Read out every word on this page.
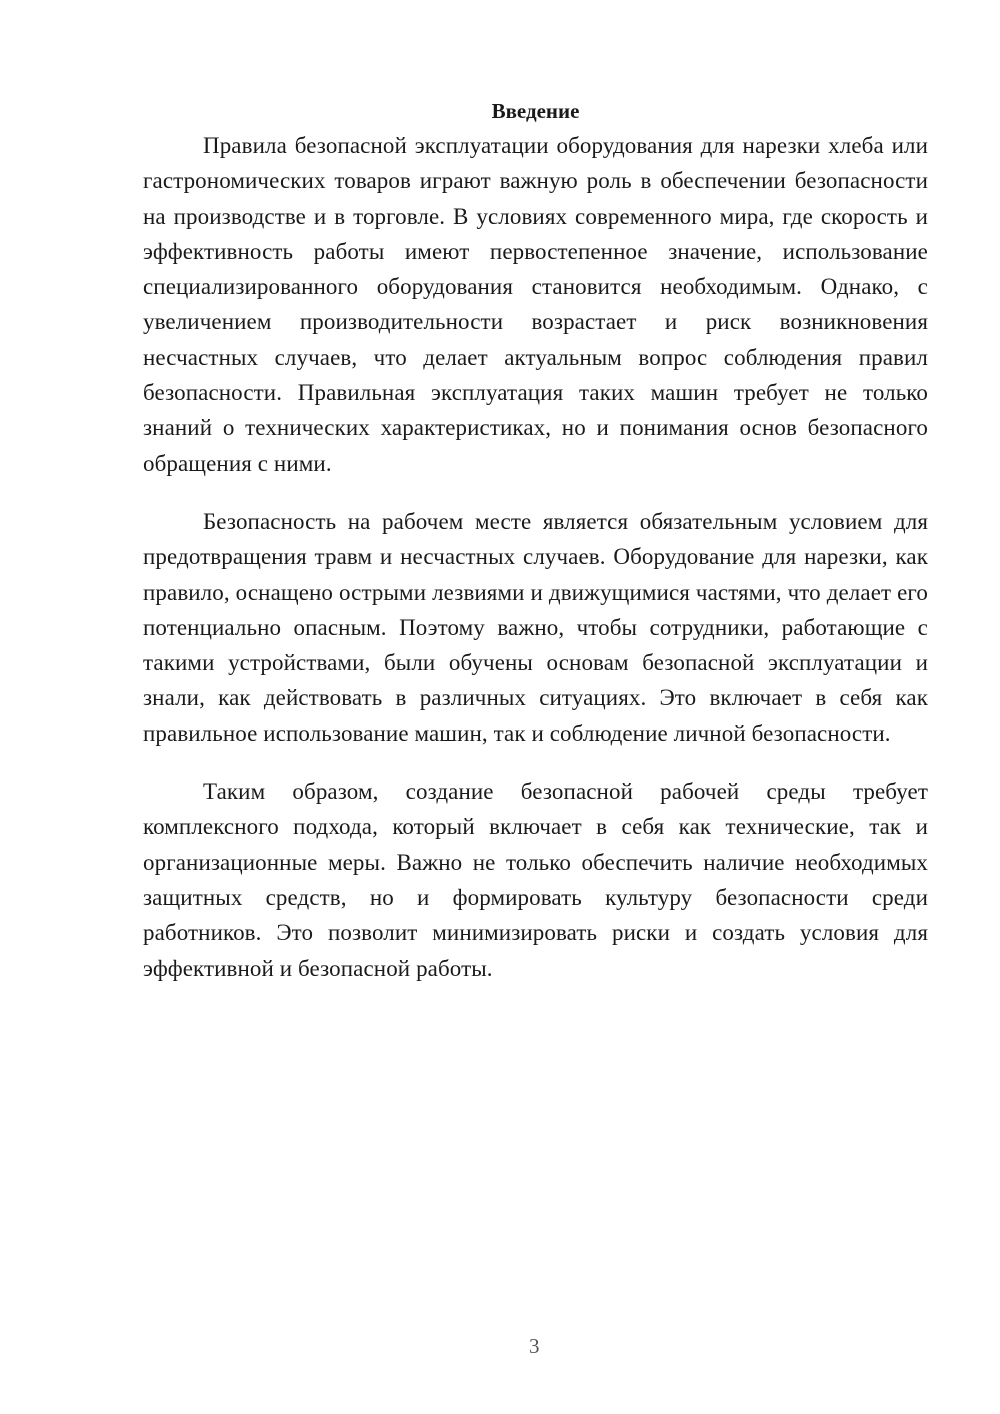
Введение

Правила безопасной эксплуатации оборудования для нарезки хлеба или гастрономических товаров играют важную роль в обеспечении безопасности на производстве и в торговле. В условиях современного мира, где скорость и эффективность работы имеют первостепенное значение, использование специализированного оборудования становится необходимым. Однако, с увеличением производительности возрастает и риск возникновения несчастных случаев, что делает актуальным вопрос соблюдения правил безопасности. Правильная эксплуатация таких машин требует не только знаний о технических характеристиках, но и понимания основ безопасного обращения с ними.

Безопасность на рабочем месте является обязательным условием для предотвращения травм и несчастных случаев. Оборудование для нарезки, как правило, оснащено острыми лезвиями и движущимися частями, что делает его потенциально опасным. Поэтому важно, чтобы сотрудники, работающие с такими устройствами, были обучены основам безопасной эксплуатации и знали, как действовать в различных ситуациях. Это включает в себя как правильное использование машин, так и соблюдение личной безопасности.

Таким образом, создание безопасной рабочей среды требует комплексного подхода, который включает в себя как технические, так и организационные меры. Важно не только обеспечить наличие необходимых защитных средств, но и формировать культуру безопасности среди работников. Это позволит минимизировать риски и создать условия для эффективной и безопасной работы.

3
